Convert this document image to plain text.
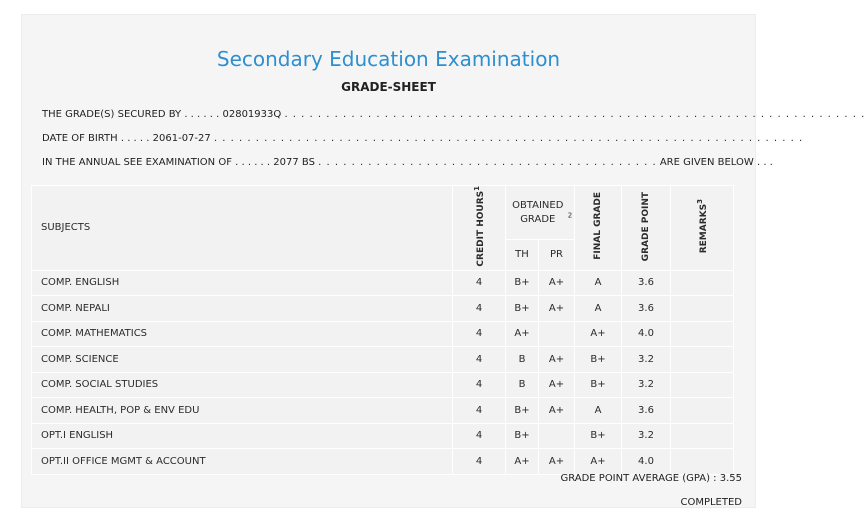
Secondary Education Examination
GRADE-SHEET
THE GRADE(S) SECURED BY . . . . . . 02801933Q . . . . . . . . . . . . . . . . . . . . . . . . . . . . . . . . . . . . . . . . . . . . . . . . . . . . . . . . . . . . . . . . . . . . . .
DATE OF BIRTH . . . . . 2061-07-27 . . . . . . . . . . . . . . . . . . . . . . . . . . . . . . . . . . . . . . . . . . . . . . . . . . . . . . . . . . . . . . . . . . . . . . .
IN THE ANNUAL SEE EXAMINATION OF . . . . . . 2077 BS . . . . . . . . . . . . . . . . . . . . . . . . . . . . . . . . . . . . . . . . . ARE GIVEN BELOW . . .
SUBJECTS	CREDIT HOURS$^1$	OBTAINED GRADE $^2$		FINAL GRADE	GRADE POINT	REMARKS$^3$
		TH	PR			
COMP. ENGLISH	4	B+	A+	A	3.6	
COMP. NEPALI	4	B+	A+	A	3.6	
COMP. MATHEMATICS	4	A+		A+	4.0	
COMP. SCIENCE	4	B	A+	B+	3.2	
COMP. SOCIAL STUDIES	4	B	A+	B+	3.2	
COMP. HEALTH, POP & ENV EDU	4	B+	A+	A	3.6	
OPT.I ENGLISH	4	B+		B+	3.2	
OPT.II OFFICE MGMT & ACCOUNT	4	A+	A+	A+	4.0	
GRADE POINT AVERAGE (GPA) : 3.55
COMPLETED
